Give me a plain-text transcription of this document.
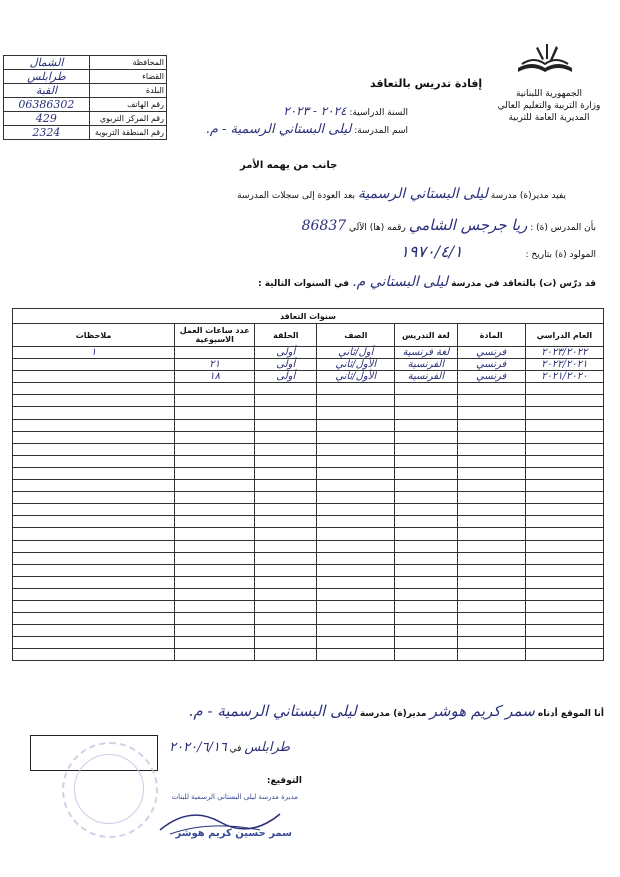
الشمال	المحافظة
طرابلس	القضاء
القبة	البلدة
06386302	رقم الهاتف
429	رقم المركز التربوي
2324	رقم المنطقة التربوية
الجمهورية اللبنانية
وزارة التربية والتعليم العالي
المديرية العامة للتربية
إفادة تدريس بالتعاقد
السنة الدراسية: ٢٠٢٤ - ٢٠٢٣
اسم المدرسة: ليلى البستاني الرسمية - م.
جانب من يهمه الأمر
يفيد مدير(ة) مدرسة ليلى البستاني الرسمية بعد العودة إلى سجلات المدرسة
بأن المدرس (ة) : ريا جرجس الشامي رقمه (ها) الآلي 86837
المولود (ة) بتاريخ : ١٩٧٠/٤/١
قد درّس (ت) بالتعاقد في مدرسة ليلى البستاني م. في السنوات التالية :
سنوات التعاقد						
العام الدراسي	المادة	لغة التدريس	الصف	الحلقة	عدد ساعات العمل الاسبوعية	ملاحظات
٢٠٢٣/٢٠٢٢	فرنسي	لغة فرنسية	أول/ثاني	أولى		١
٢٠٢٢/٢٠٢١	فرنسي	الفرنسية	الأول/ثاني	أولى	٢١	
٢٠٢١/٢٠٢٠	فرنسي	الفرنسية	الأول/ثاني	أولى	١٨	

أنا الموقع أدناه سمر كريم هوشر مدير(ة) مدرسة ليلى البستاني الرسمية - م.
طرابلس في ٢٠٢٠/٦/١٦
التوقيع:
مديرة مدرسة ليلى البستاني الرسمية للبنات
سمر حسين كريم هوشر
